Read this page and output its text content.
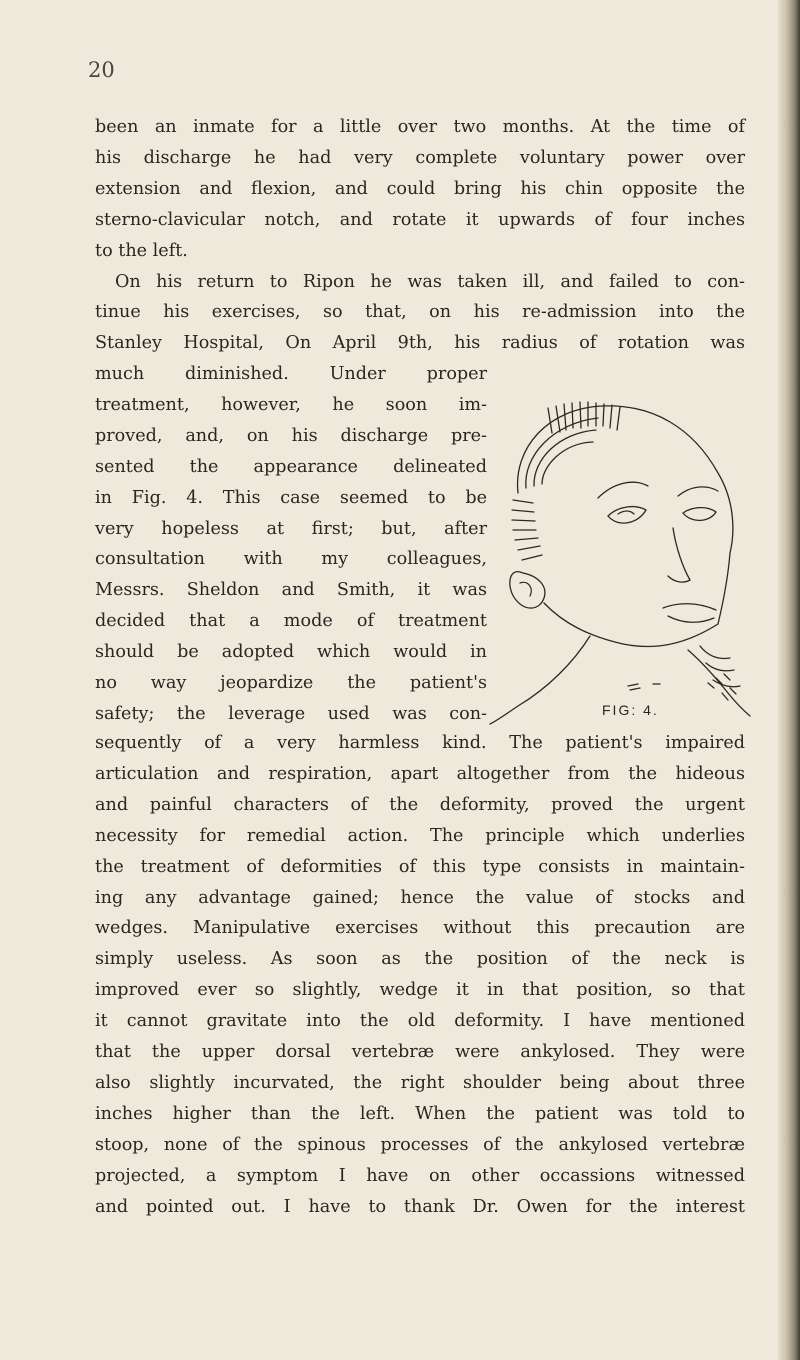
20
been an inmate for a little over two months. At the time of
his discharge he had very complete voluntary power over
extension and flexion, and could bring his chin opposite the
sterno-clavicular notch, and rotate it upwards of four inches
to the left.
On his return to Ripon he was taken ill, and failed to con-
tinue his exercises, so that, on his re-admission into the
Stanley Hospital, On April 9th, his radius of rotation was
much diminished. Under proper
treatment, however, he soon im-
proved, and, on his discharge pre-
sented the appearance delineated
in Fig. 4. This case seemed to be
very hopeless at first; but, after
consultation with my colleagues,
Messrs. Sheldon and Smith, it was
decided that a mode of treatment
should be adopted which would in
no way jeopardize the patient's
safety; the leverage used was con-	FIG: 4.
sequently of a very harmless kind. The patient's impaired
articulation and respiration, apart altogether from the hideous
and painful characters of the deformity, proved the urgent
necessity for remedial action. The principle which underlies
the treatment of deformities of this type consists in maintain-
ing any advantage gained; hence the value of stocks and
wedges. Manipulative exercises without this precaution are
simply useless. As soon as the position of the neck is
improved ever so slightly, wedge it in that position, so that
it cannot gravitate into the old deformity. I have mentioned
that the upper dorsal vertebræ were ankylosed. They were
also slightly incurvated, the right shoulder being about three
inches higher than the left. When the patient was told to
stoop, none of the spinous processes of the ankylosed vertebræ
projected, a symptom I have on other occassions witnessed
and pointed out. I have to thank Dr. Owen for the interest
